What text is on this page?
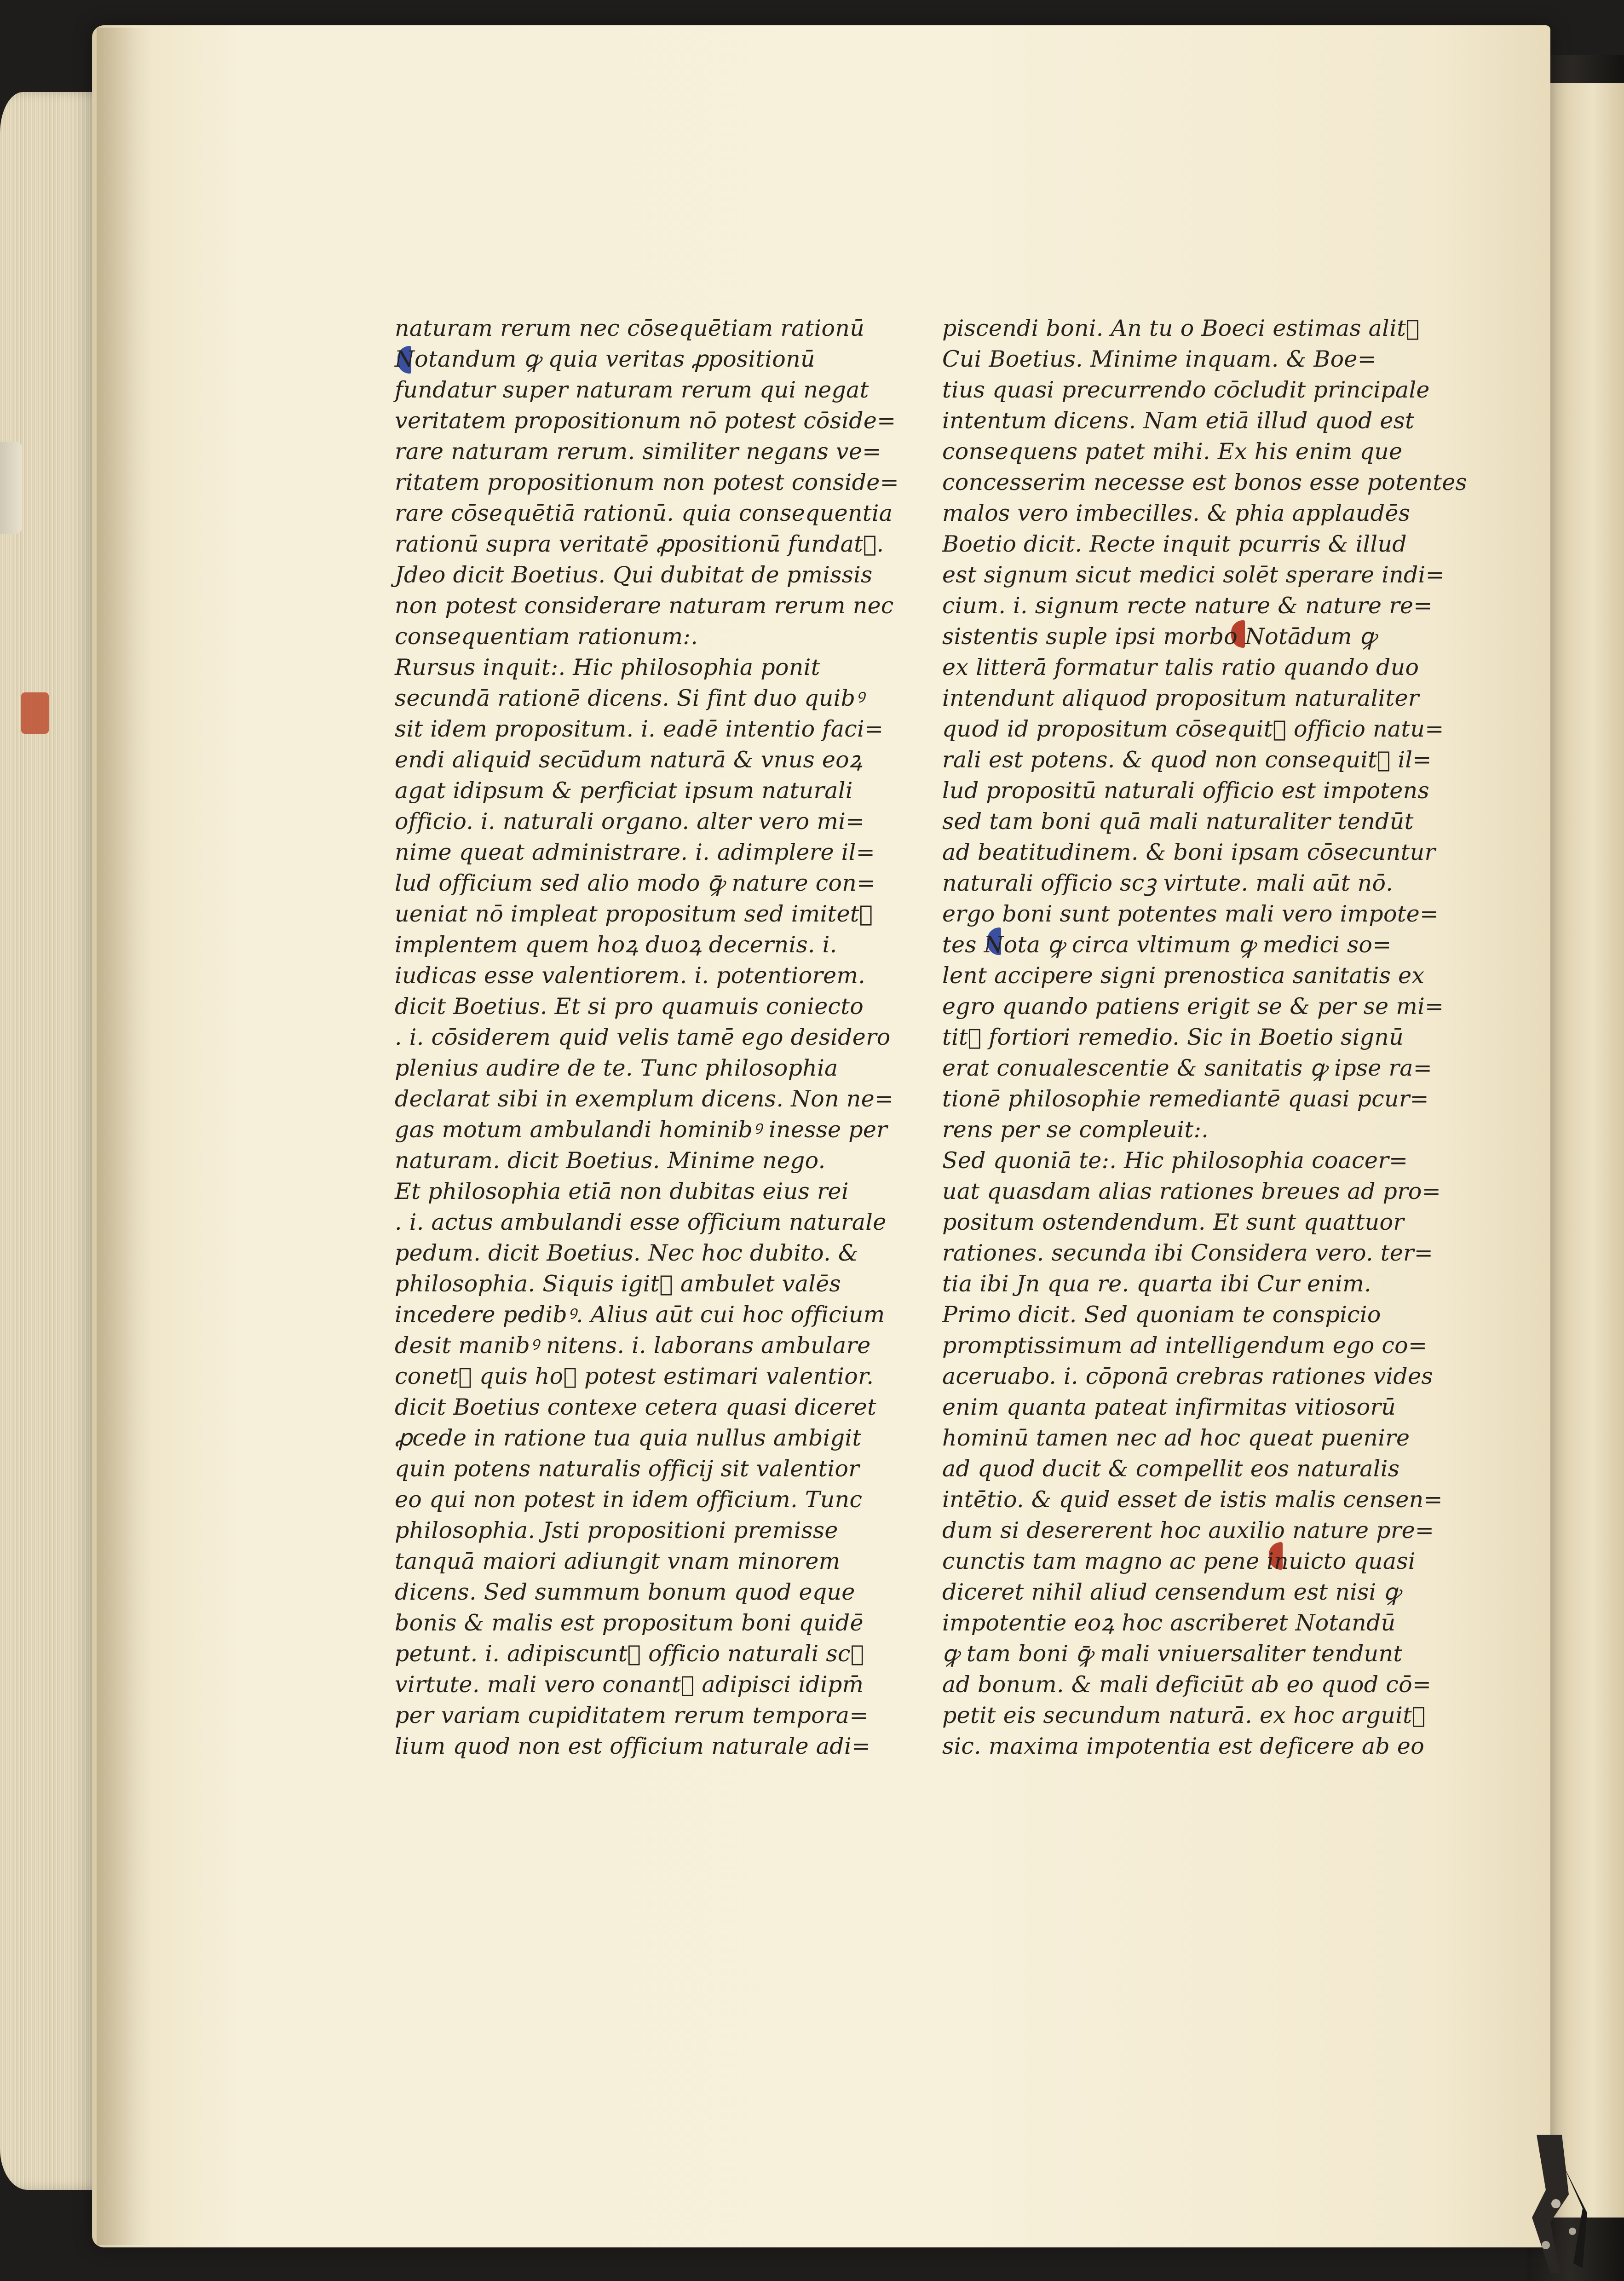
naturam rerum nec cōsequētiam rationū
Notandum ꝙ quia veritas ꝓpositionū
fundatur super naturam rerum qui negat
veritatem propositionum nō potest cōside=
rare naturam rerum. similiter negans ve=
ritatem propositionum non potest conside=
rare cōsequētiā rationū. quia consequentia
rationū supra veritatē ꝓpositionū fundat᷑.
Jdeo dicit Boetius. Qui dubitat de pmissis
non potest considerare naturam rerum nec
consequentiam rationum:.
Rursus inquit:. Hic philosophia ponit
secundā rationē dicens. Si fint duo quibꝰ
sit idem propositum. i. eadē intentio faci=
endi aliquid secūdum naturā & vnus eoꝝ
agat idipsum & perficiat ipsum naturali
officio. i. naturali organo. alter vero mi=
nime queat administrare. i. adimplere il=
lud officium sed alio modo ꝙ̄ nature con=
ueniat nō impleat propositum sed imitet᷑
implentem quem hoꝝ duoꝝ decernis. i.
iudicas esse valentiorem. i. potentiorem.
dicit Boetius. Et si pro quamuis coniecto
. i. cōsiderem quid velis tamē ego desidero
plenius audire de te. Tunc philosophia
declarat sibi in exemplum dicens. Non ne=
gas motum ambulandi hominibꝰ inesse per
naturam. dicit Boetius. Minime nego.
Et philosophia etiā non dubitas eius rei
. i. actus ambulandi esse officium naturale
pedum. dicit Boetius. Nec hoc dubito. &
philosophia. Siquis igit᷑ ambulet valēs
incedere pedibꝰ. Alius aūt cui hoc officium
desit manibꝰ nitens. i. laborans ambulare
conet᷑ quis hoꝝ potest estimari valentior.
dicit Boetius contexe cetera quasi diceret
ꝓcede in ratione tua quia nullus ambigit
quin potens naturalis officij sit valentior
eo qui non potest in idem officium. Tunc
philosophia. Jsti propositioni premisse
tanquā maiori adiungit vnam minorem
dicens. Sed summum bonum quod eque
bonis & malis est propositum boni quidē
petunt. i. adipiscunt᷑ officio naturali scꝫ
virtute. mali vero conant᷑ adipisci idipm̄
per variam cupiditatem rerum tempora=
lium quod non est officium naturale adi=
piscendi boni. An tu o Boeci estimas alit᷑
Cui Boetius. Minime inquam. & Boe=
tius quasi precurrendo cōcludit principale
intentum dicens. Nam etiā illud quod est
consequens patet mihi. Ex his enim que
concesserim necesse est bonos esse potentes
malos vero imbecilles. & phia applaudēs
Boetio dicit. Recte inquit pcurris & illud
est signum sicut medici solēt sperare indi=
cium. i. signum recte nature & nature re=
sistentis suple ipsi morbo Notādum ꝙ
ex litterā formatur talis ratio quando duo
intendunt aliquod propositum naturaliter
quod id propositum cōsequit᷑ officio natu=
rali est potens. & quod non consequit᷑ il=
lud propositū naturali officio est impotens
sed tam boni quā mali naturaliter tendūt
ad beatitudinem. & boni ipsam cōsecuntur
naturali officio scꝫ virtute. mali aūt nō.
ergo boni sunt potentes mali vero impote=
tes Nota ꝙ circa vltimum ꝙ medici so=
lent accipere signi prenostica sanitatis ex
egro quando patiens erigit se & per se mi=
tit᷑ fortiori remedio. Sic in Boetio signū
erat conualescentie & sanitatis ꝙ ipse ra=
tionē philosophie remediantē quasi pcur=
rens per se compleuit:.
Sed quoniā te:. Hic philosophia coacer=
uat quasdam alias rationes breues ad pro=
positum ostendendum. Et sunt quattuor
rationes. secunda ibi Considera vero. ter=
tia ibi Jn qua re. quarta ibi Cur enim.
Primo dicit. Sed quoniam te conspicio
promptissimum ad intelligendum ego co=
aceruabo. i. cōponā crebras rationes vides
enim quanta pateat infirmitas vitiosorū
hominū tamen nec ad hoc queat puenire
ad quod ducit & compellit eos naturalis
intētio. & quid esset de istis malis censen=
dum si desererent hoc auxilio nature pre=
cunctis tam magno ac pene inuicto quasi
diceret nihil aliud censendum est nisi ꝙ
impotentie eoꝝ hoc ascriberet Notandū
ꝙ tam boni ꝙ̄ mali vniuersaliter tendunt
ad bonum. & mali deficiūt ab eo quod cō=
petit eis secundum naturā. ex hoc arguit᷑
sic. maxima impotentia est deficere ab eo
